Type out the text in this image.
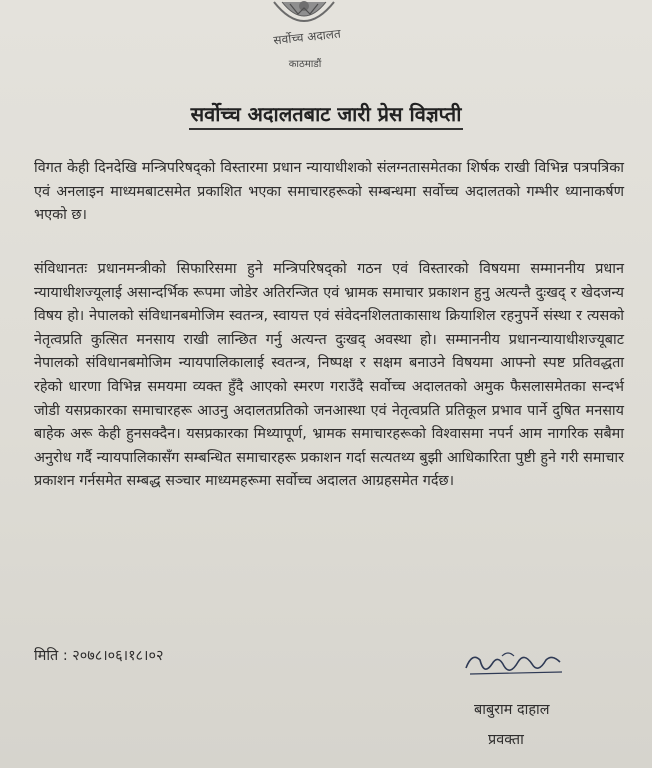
सर्वोच्च अदालत
काठमाडौं
सर्वोच्च अदालतबाट जारी प्रेस विज्ञप्ती

विगत केही दिनदेखि मन्त्रिपरिषद्को विस्तारमा प्रधान न्यायाधीशको संलग्नतासमेतका शिर्षक राखी विभिन्न पत्रपत्रिका एवं अनलाइन माध्यमबाटसमेत प्रकाशित भएका समाचारहरूको सम्बन्धमा सर्वोच्च अदालतको गम्भीर ध्यानाकर्षण भएको छ।

संविधानतः प्रधानमन्त्रीको सिफारिसमा हुने मन्त्रिपरिषद्को गठन एवं विस्तारको विषयमा सम्माननीय प्रधान न्यायाधीशज्यूलाई असान्दर्भिक रूपमा जोडेर अतिरन्जित एवं भ्रामक समाचार प्रकाशन हुनु अत्यन्तै दुःखद् र खेदजन्य विषय हो। नेपालको संविधानबमोजिम स्वतन्त्र, स्वायत्त एवं संवेदनशिलताकासाथ क्रियाशिल रहनुपर्ने संस्था र त्यसको नेतृत्वप्रति कुत्सित मनसाय राखी लान्छित गर्नु अत्यन्त दुःखद् अवस्था हो। सम्माननीय प्रधानन्यायाधीशज्यूबाट नेपालको संविधानबमोजिम न्यायपालिकालाई स्वतन्त्र, निष्पक्ष र सक्षम बनाउने विषयमा आफ्नो स्पष्ट प्रतिवद्धता रहेको धारणा विभिन्न समयमा व्यक्त हुँदै आएको स्मरण गराउँदै सर्वोच्च अदालतको अमुक फैसलासमेतका सन्दर्भ जोडी यसप्रकारका समाचारहरू आउनु अदालतप्रतिको जनआस्था एवं नेतृत्वप्रति प्रतिकूल प्रभाव पार्ने दुषित मनसाय बाहेक अरू केही हुनसक्दैन। यसप्रकारका मिथ्यापूर्ण, भ्रामक समाचारहरूको विश्वासमा नपर्न आम नागरिक सबैमा अनुरोध गर्दै न्यायपालिकासँग सम्बन्धित समाचारहरू प्रकाशन गर्दा सत्यतथ्य बुझी आधिकारिता पुष्टी हुने गरी समाचार प्रकाशन गर्नसमेत सम्बद्ध सञ्चार माध्यमहरूमा सर्वोच्च अदालत आग्रहसमेत गर्दछ।

मिति : २०७८।०६।१८।०२
बाबुराम दाहाल
प्रवक्ता
